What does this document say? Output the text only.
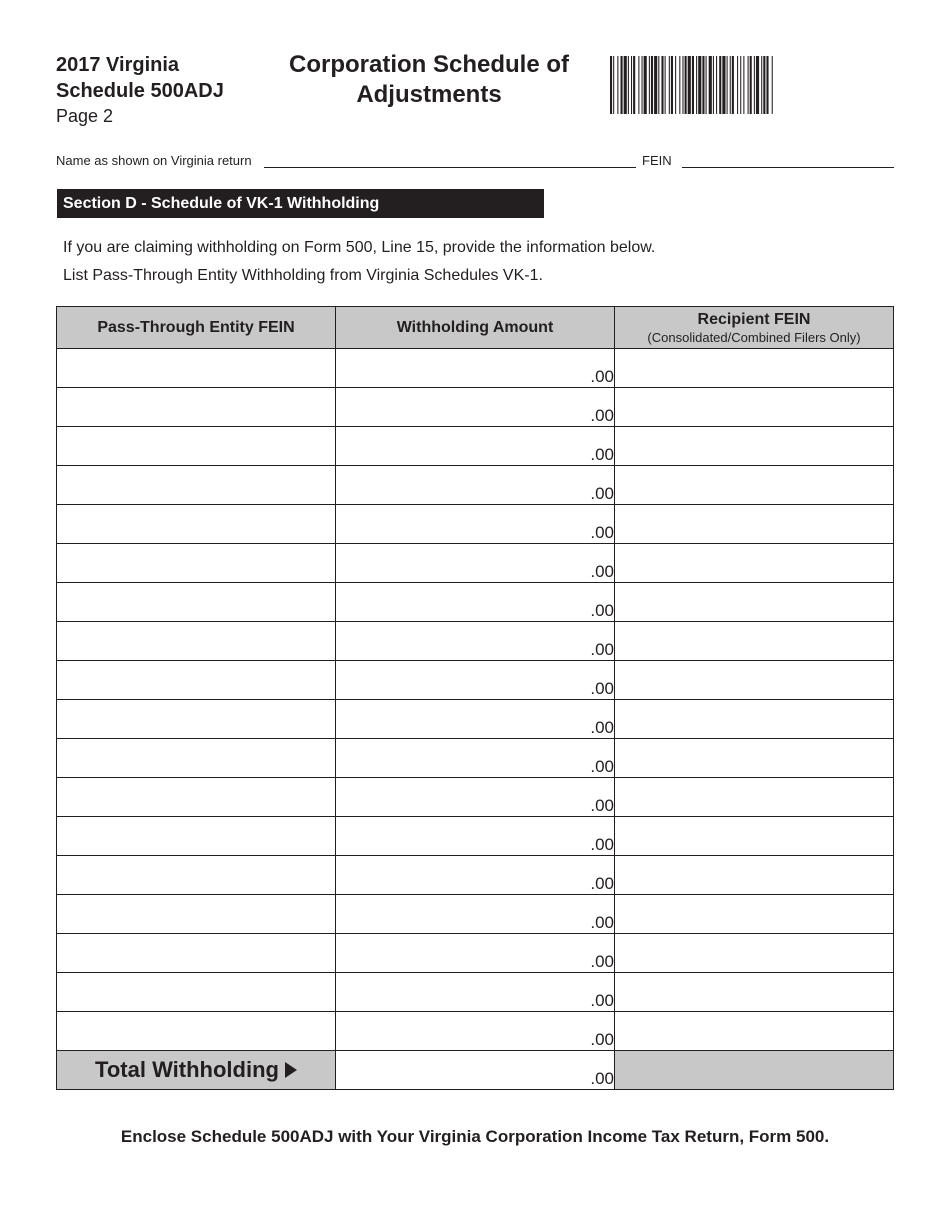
2017 Virginia
Schedule 500ADJ
Page 2
Corporation Schedule of
Adjustments
Name as shown on Virginia return	FEIN
Section D - Schedule of VK-1 Withholding
If you are claiming withholding on Form 500, Line 15, provide the information below.
List Pass-Through Entity Withholding from Virginia Schedules VK-1.
Pass-Through Entity FEIN	Withholding Amount	Recipient FEIN
(Consolidated/Combined Filers Only)

	.00	
	.00	
	.00	
	.00	
	.00	
	.00	
	.00	
	.00	
	.00	
	.00	
	.00	
	.00	
	.00	
	.00	
	.00	
	.00	
	.00	
	.00	
Total Withholding	.00	
Enclose Schedule 500ADJ with Your Virginia Corporation Income Tax Return, Form 500.
